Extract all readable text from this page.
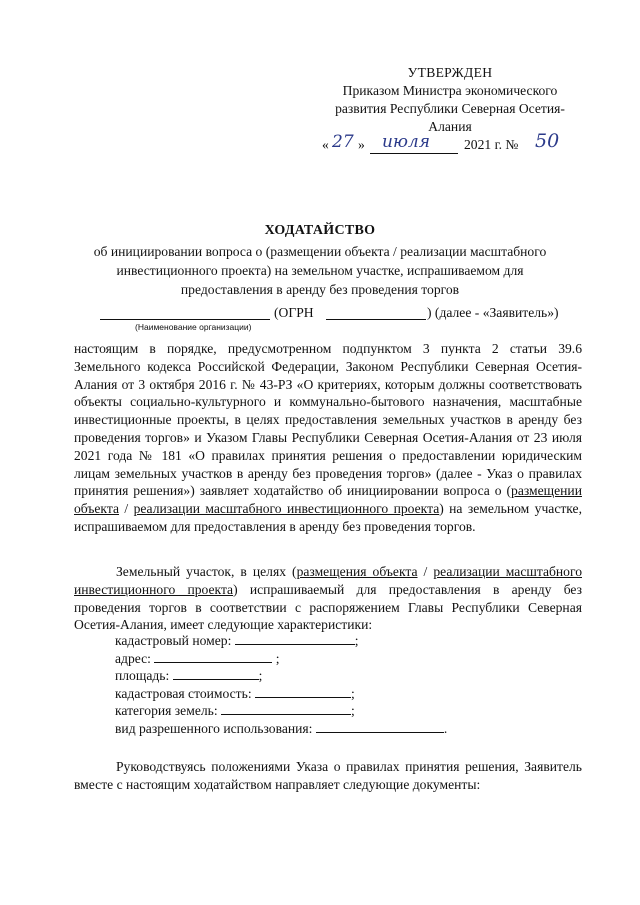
УТВЕРЖДЕН
Приказом Министра экономического
развития Республики Северная Осетия-
Алания
« 27 » июля	2021 г. № 50
ХОДАТАЙСТВО
об инициировании вопроса о (размещении объекта / реализации масштабного
инвестиционного проекта) на земельном участке, испрашиваемом для
предоставления в аренду без проведения торгов
(ОГРН	) (далее - «Заявитель»)
(Наименование организации)
настоящим в порядке, предусмотренном подпунктом 3 пункта 2 статьи 39.6 Земельного кодекса Российской Федерации, Законом Республики Северная Осетия-Алания от 3 октября 2016 г. № 43-РЗ «О критериях, которым должны соответствовать объекты социально-культурного и коммунально-бытового назначения, масштабные инвестиционные проекты, в целях предоставления земельных участков в аренду без проведения торгов» и Указом Главы Республики Северная Осетия-Алания от 23 июля 2021 года № 181 «О правилах принятия решения о предоставлении юридическим лицам земельных участков в аренду без проведения торгов» (далее - Указ о правилах принятия решения») заявляет ходатайство об инициировании вопроса о (размещении объекта / реализации масштабного инвестиционного проекта) на земельном участке, испрашиваемом для предоставления в аренду без проведения торгов.
Земельный участок, в целях (размещения объекта / реализации масштабного инвестиционного проекта) испрашиваемый для предоставления в аренду без проведения торгов в соответствии с распоряжением Главы Республики Северная Осетия-Алания, имеет следующие характеристики:
кадастровый номер:	;
адрес:	;
площадь:	;
кадастровая стоимость:	;
категория земель:	;
вид разрешенного использования:	.
Руководствуясь положениями Указа о правилах принятия решения, Заявитель вместе с настоящим ходатайством направляет следующие документы:
